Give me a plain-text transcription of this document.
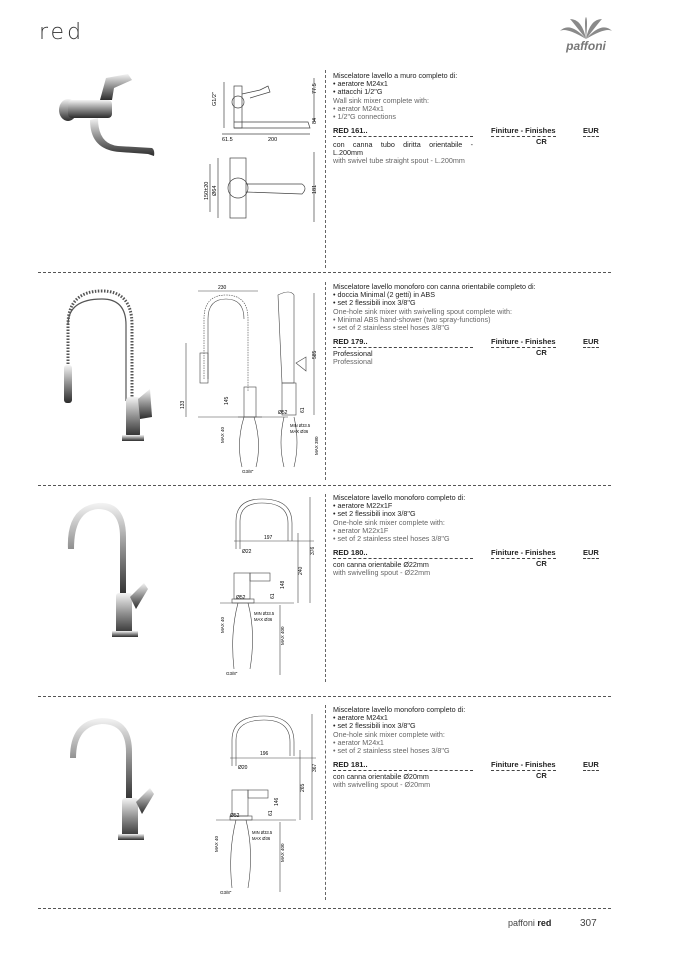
red
paffoni
G1/2"
77.5
84
61.5	200
150±20 Ø64	181
Miscelatore lavello a muro completo di:
• aeratore M24x1
• attacchi 1/2"G
Wall sink mixer complete with:
• aerator M24x1
• 1/2"G connections
RED 161..	Finiture - Finishes	EUR
CR
con canna tubo diritta orientabile - L.200mm
with swivel tube straight spout - L.200mm
230
585
133	145
Ø52	61
MAX 40
MIN Ø33.5
MAX Ø36
MAX 380
G3/8"
Miscelatore lavello monoforo con canna orientabile completo di:
• doccia Minimal (2 getti) in ABS
• set 2 flessibili inox 3/8"G
One-hole sink mixer with swivelling spout complete with:
• Minimal ABS hand-shower (two spray-functions)
• set of 2 stainless steel hoses 3/8"G
RED 179..	Finiture - Finishes	EUR
CR
Professional
Professional
197
Ø22	376
240
148
Ø52	61
MIN Ø33.5
MAX Ø36
MAX 40
MAX 400
G3/8"
Miscelatore lavello monoforo completo di:
• aeratore M22x1F
• set 2 flessibili inox 3/8"G
One-hole sink mixer complete with:
• aerator M22x1F
• set of 2 stainless steel hoses 3/8"G
RED 180..	Finiture - Finishes	EUR
CR
con canna orientabile Ø22mm
with swivelling spout - Ø22mm
196
Ø20	367
265
146
Ø52	61
MIN Ø33.5
MAX Ø36
MAX 40	MAX 400
G3/8"
Miscelatore lavello monoforo completo di:
• aeratore M24x1
• set 2 flessibili inox 3/8"G
One-hole sink mixer complete with:
• aerator M24x1
• set of 2 stainless steel hoses 3/8"G
RED 181..	Finiture - Finishes	EUR
CR
con canna orientabile Ø20mm
with swivelling spout - Ø20mm
paffoni red	307
